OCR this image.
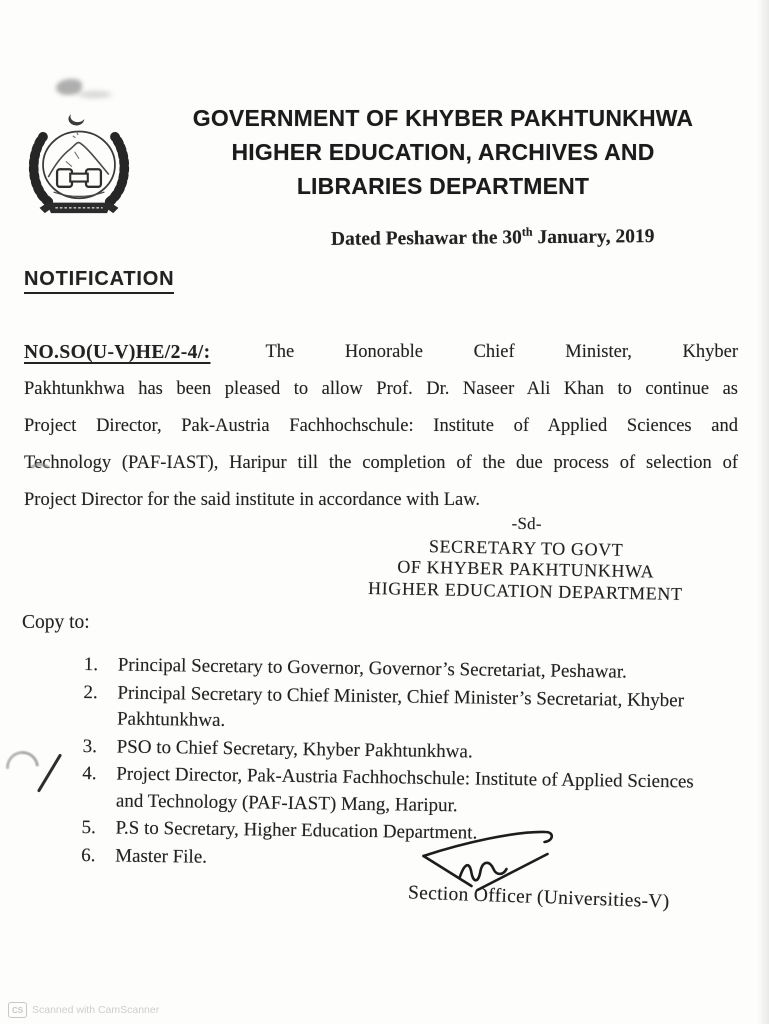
GOVERNMENT OF KHYBER PAKHTUNKHWA
HIGHER EDUCATION, ARCHIVES AND
LIBRARIES DEPARTMENT
Dated Peshawar the 30th January, 2019
NOTIFICATION
NO.SO(U-V)HE/2-4/:	The Honorable Chief Minister, Khyber
Pakhtunkhwa has been pleased to allow Prof. Dr. Naseer Ali Khan to continue as
Project Director, Pak-Austria Fachhochschule: Institute of Applied Sciences and
Technology (PAF-IAST), Haripur till the completion of the due process of selection of
Project Director for the said institute in accordance with Law.
-Sd-
SECRETARY TO GOVT
OF KHYBER PAKHTUNKHWA
HIGHER EDUCATION DEPARTMENT
Copy to:
1.	Principal Secretary to Governor, Governor’s Secretariat, Peshawar.
2.	Principal Secretary to Chief Minister, Chief Minister’s Secretariat, Khyber
Pakhtunkhwa.
3.	PSO to Chief Secretary, Khyber Pakhtunkhwa.
4.	Project Director, Pak-Austria Fachhochschule: Institute of Applied Sciences
and Technology (PAF-IAST) Mang, Haripur.
5.	P.S to Secretary, Higher Education Department.
6.	Master File.
Section Officer (Universities-V)
CS Scanned with CamScanner
